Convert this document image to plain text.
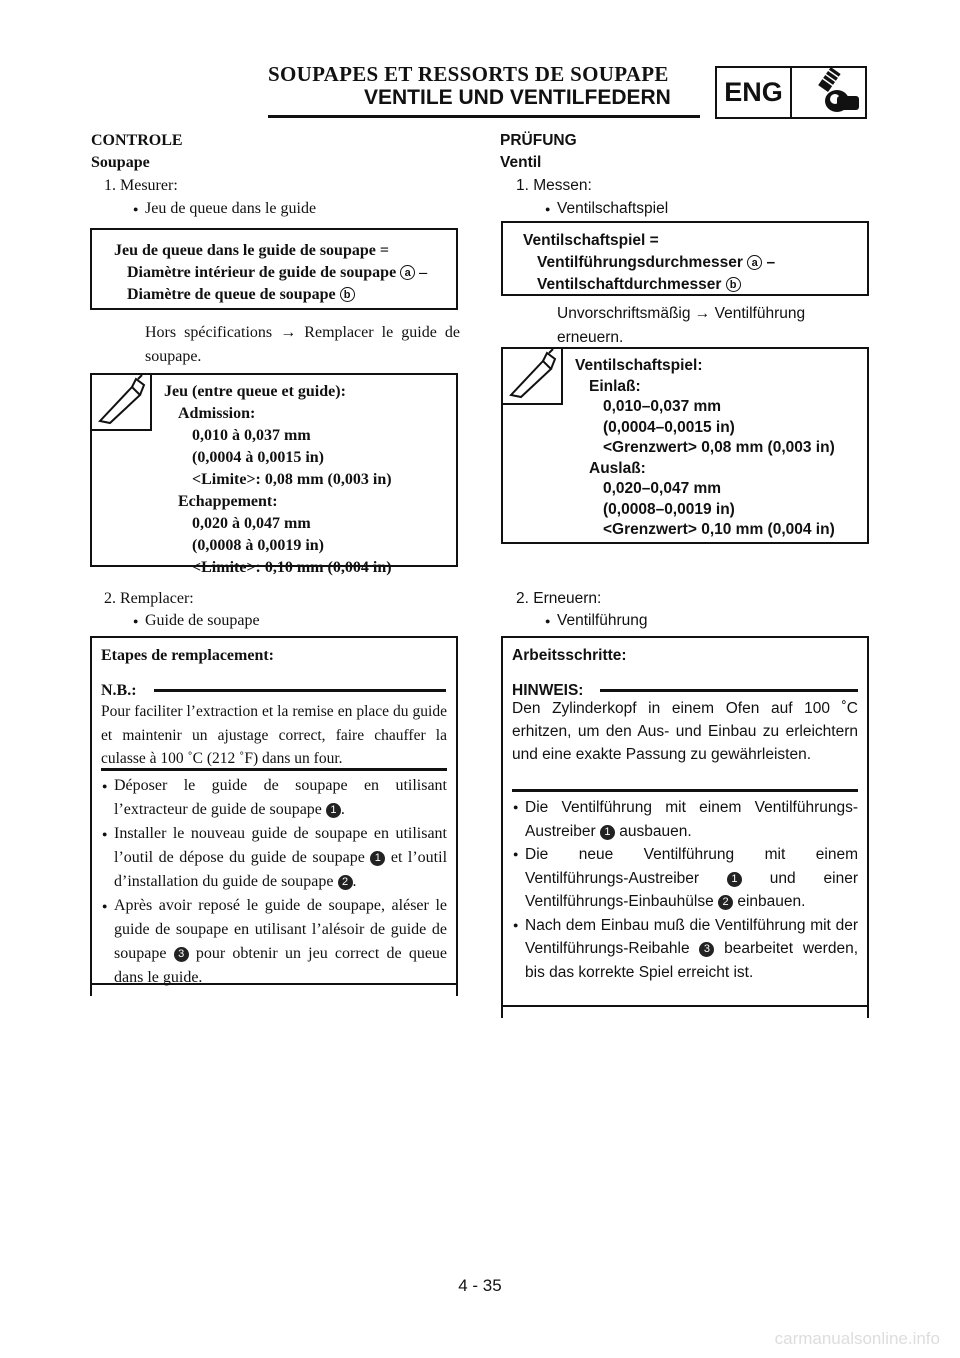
SOUPAPES ET RESSORTS DE SOUPAPE
VENTILE UND VENTILFEDERN	ENG
CONTROLE
Soupape
1. Mesurer:
● Jeu de queue dans le guide
Jeu de queue dans le guide de soupape =
Diamètre intérieur de guide de soupape a –
Diamètre de queue de soupape b
Hors spécifications → Remplacer le guide de soupape.
Jeu (entre queue et guide):
Admission:
0,010 à 0,037 mm
(0,0004 à 0,0015 in)
<Limite>: 0,08 mm (0,003 in)
Echappement:
0,020 à 0,047 mm
(0,0008 à 0,0019 in)
<Limite>: 0,10 mm (0,004 in)
2. Remplacer:
● Guide de soupape
Etapes de remplacement:
N.B.:
Pour faciliter l’extraction et la remise en place du guide et maintenir un ajustage correct, faire chauffer la culasse à 100 ˚C (212 ˚F) dans un four.
● Déposer le guide de soupape en utilisant l’extracteur de guide de soupape 1 .
● Installer le nouveau guide de soupape en utilisant l’outil de dépose du guide de soupape 1 et l’outil d’installation du guide de soupape 2 .
● Après avoir reposé le guide de soupape, aléser le guide de soupape en utilisant l’alésoir de guide de soupape 3 pour obtenir un jeu correct de queue dans le guide.
PRÜFUNG
Ventil
1. Messen:
● Ventilschaftspiel
Ventilschaftspiel =
Ventilführungsdurchmesser a –
Ventilschaftdurchmesser b
Unvorschriftsmäßig → Ventilführung erneuern.
Ventilschaftspiel:
Einlaß:
0,010–0,037 mm
(0,0004–0,0015 in)
<Grenzwert> 0,08 mm (0,003 in)
Auslaß:
0,020–0,047 mm
(0,0008–0,0019 in)
<Grenzwert> 0,10 mm (0,004 in)
2. Erneuern:
● Ventilführung
Arbeitsschritte:
HINWEIS:
Den Zylinderkopf in einem Ofen auf 100 ˚C erhitzen, um den Aus- und Einbau zu erleichtern und eine exakte Passung zu gewährleisten.
● Die Ventilführung mit einem Ventilführungs-Austreiber 1 ausbauen.
● Die neue Ventilführung mit einem Ventilführungs-Austreiber	1 und einer Ventilführungs-Einbauhülse 2 einbauen.
● Nach dem Einbau muß die Ventilführung mit der Ventilführungs-Reibahle 3 bearbeitet werden, bis das korrekte Spiel erreicht ist.
4 - 35
carmanualsonline.info
